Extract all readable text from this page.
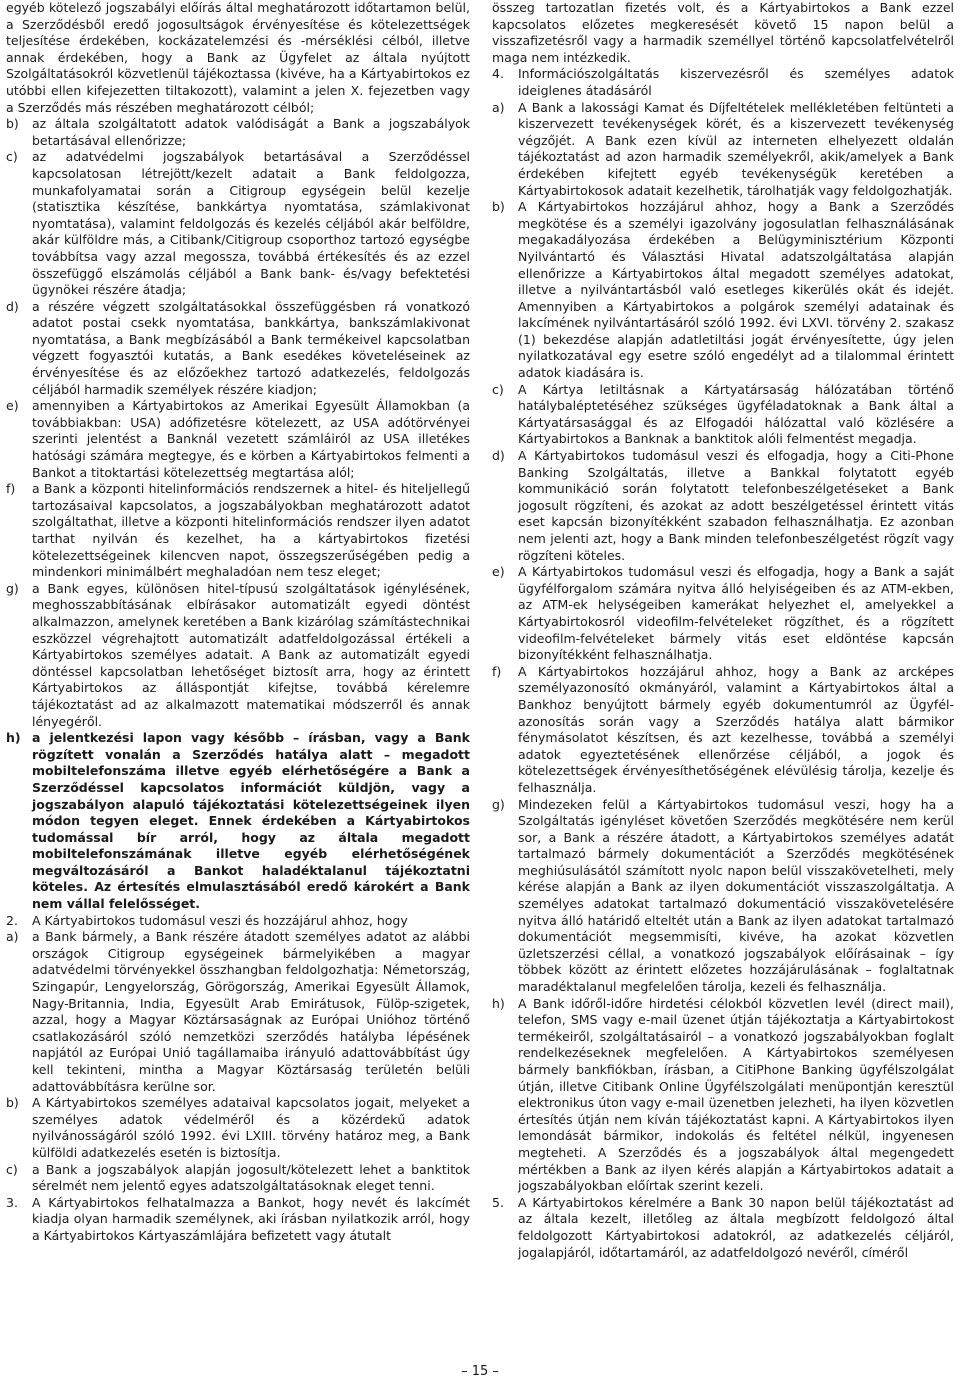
egyéb kötelező jogszabályi előírás által meghatározott időtartamon belül, a Szerződésből eredő jogosultságok érvényesítése és kötelezettségek teljesítése érdekében, kockázatelemzési és -mérséklési célból, illetve annak érdekében, hogy a Bank az Ügyfelet az általa nyújtott Szolgáltatásokról közvetlenül tájékoztassa (kivéve, ha a Kártyabirtokos ez utóbbi ellen kifejezetten tiltakozott), valamint a jelen X. fejezetben vagy a Szerződés más részében meghatározott célból;

b) az általa szolgáltatott adatok valódiságát a Bank a jogszabályok betartásával ellenőrizze;
c) az adatvédelmi jogszabályok betartásával a Szerződéssel kapcsolatosan létrejött/kezelt adatait a Bank feldolgozza, munkafolyamatai során a Citigroup egységein belül kezelje (statisztika készítése, bankkártya nyomtatása, számlakivonat nyomtatása), valamint feldolgozás és kezelés céljából akár belföldre, akár külföldre más, a Citibank/Citigroup csoporthoz tartozó egységbe továbbítsa vagy azzal megossza, továbbá értékesítés és az ezzel összefüggő elszámolás céljából a Bank bank- és/vagy befektetési ügynökei részére átadja;
d) a részére végzett szolgáltatásokkal összefüggésben rá vonatkozó adatot postai csekk nyomtatása, bankkártya, bankszámlakivonat nyomtatása, a Bank megbízásából a Bank termékeivel kapcsolatban végzett fogyasztói kutatás, a Bank esedékes követeléseinek az érvényesítése és az előzőekhez tartozó adatkezelés, feldolgozás céljából harmadik személyek részére kiadjon;
e) amennyiben a Kártyabirtokos az Amerikai Egyesült Államokban (a továbbiakban: USA) adófizetésre kötelezett, az USA adótörvényei szerinti jelentést a Banknál vezetett számláiról az USA illetékes hatósági számára megtegye, és e körben a Kártyabirtokos felmenti a Bankot a titoktartási kötelezettség megtartása alól;
f) a Bank a központi hitelinformációs rendszernek a hitel- és hiteljellegű tartozásaival kapcsolatos, a jogszabályokban meghatározott adatot szolgáltathat, illetve a központi hitelinformációs rendszer ilyen adatot tarthat nyilván és kezelhet, ha a kártyabirtokos fizetési kötelezettségeinek kilencven napot, összegszerűségében pedig a mindenkori minimálbért meghaladóan nem tesz eleget;
g) a Bank egyes, különösen hitel-típusú szolgáltatások igénylésének, meghosszabbításának elbírásakor automatizált egyedi döntést alkalmazzon, amelynek keretében a Bank kizárólag számítástechnikai eszközzel végrehajtott automatizált adatfeldolgozással értékeli a Kártyabirtokos személyes adatait. A Bank az automatizált egyedi döntéssel kapcsolatban lehetőséget biztosít arra, hogy az érintett Kártyabirtokos az álláspontját kifejtse, továbbá kérelemre tájékoztatást ad az alkalmazott matematikai módszerről és annak lényegéről.
h) a jelentkezési lapon vagy később – írásban, vagy a Bank rögzített vonalán a Szerződés hatálya alatt – megadott mobiltelefonszáma illetve egyéb elérhetőségére a Bank a Szerződéssel kapcsolatos információt küldjön, vagy a jogszabályon alapuló tájékoztatási kötelezettségeinek ilyen módon tegyen eleget. Ennek érdekében a Kártyabirtokos tudomással bír arról, hogy az általa megadott mobiltelefonszámának illetve egyéb elérhetőségének megváltozásáról a Bankot haladéktalanul tájékoztatni köteles. Az értesítés elmulasztásából eredő károkért a Bank nem vállal felelősséget.
2. A Kártyabirtokos tudomásul veszi és hozzájárul ahhoz, hogy
a) a Bank bármely, a Bank részére átadott személyes adatot az alábbi országok Citigroup egységeinek bármelyikében a magyar adatvédelmi törvényekkel összhangban feldolgozhatja: Németország, Szingapúr, Lengyelország, Görögország, Amerikai Egyesült Államok, Nagy-Britannia, India, Egyesült Arab Emirátusok, Fülöp-szigetek, azzal, hogy a Magyar Köztársaságnak az Európai Unióhoz történő csatlakozásáról szóló nemzetközi szerződés hatályba lépésének napjától az Európai Unió tagállamaiba irányuló adattovábbítást úgy kell tekinteni, mintha a Magyar Köztársaság területén belüli adattovábbításra kerülne sor.
b) A Kártyabirtokos személyes adataival kapcsolatos jogait, melyeket a személyes adatok védelméről és a közérdekű adatok nyilvánosságáról szóló 1992. évi LXIII. törvény határoz meg, a Bank külföldi adatkezelés esetén is biztosítja.
c) a Bank a jogszabályok alapján jogosult/kötelezett lehet a banktitok sérelmét nem jelentő egyes adatszolgáltatásoknak eleget tenni.
3. A Kártyabirtokos felhatalmazza a Bankot, hogy nevét és lakcímét kiadja olyan harmadik személynek, aki írásban nyilatkozik arról, hogy a Kártyabirtokos Kártyaszámlájára befizetett vagy átutalt

összeg tartozatlan fizetés volt, és a Kártyabirtokos a Bank ezzel kapcsolatos előzetes megkeresését követő 15 napon belül a visszafizetésről vagy a harmadik személlyel történő kapcsolatfelvételről maga nem intézkedik.

4. Információszolgáltatás kiszervezésről és személyes adatok ideiglenes átadásáról
a) A Bank a lakossági Kamat és Díjfeltételek mellékletében feltünteti a kiszervezett tevékenységek körét, és a kiszervezett tevékenység végzőjét. A Bank ezen kívül az interneten elhelyezett oldalán tájékoztatást ad azon harmadik személyekről, akik/amelyek a Bank érdekében kifejtett egyéb tevékenységük keretében a Kártyabirtokosok adatait kezelhetik, tárolhatják vagy feldolgozhatják.
b) A Kártyabirtokos hozzájárul ahhoz, hogy a Bank a Szerződés megkötése és a személyi igazolvány jogosulatlan felhasználásának megakadályozása érdekében a Belügyminisztérium Központi Nyilvántartó és Választási Hivatal adatszolgáltatása alapján ellenőrizze a Kártyabirtokos által megadott személyes adatokat, illetve a nyilvántartásból való esetleges kikerülés okát és idejét. Amennyiben a Kártyabirtokos a polgárok személyi adatainak és lakcímének nyilvántartásáról szóló 1992. évi LXVI. törvény 2. szakasz (1) bekezdése alapján adatletiltási jogát érvényesítette, úgy jelen nyilatkozatával egy esetre szóló engedélyt ad a tilalommal érintett adatok kiadására is.
c) A Kártya letiltásnak a Kártyatársaság hálózatában történő hatálybaléptetéséhez szükséges ügyféladatoknak a Bank által a Kártyatársasággal és az Elfogadói hálózattal való közlésére a Kártyabirtokos a Banknak a banktitok alóli felmentést megadja.
d) A Kártyabirtokos tudomásul veszi és elfogadja, hogy a Citi-Phone Banking Szolgáltatás, illetve a Bankkal folytatott egyéb kommunikáció során folytatott telefonbeszélgetéseket a Bank jogosult rögzíteni, és azokat az adott beszélgetéssel érintett vitás eset kapcsán bizonyítékként szabadon felhasználhatja. Ez azonban nem jelenti azt, hogy a Bank minden telefonbeszélgetést rögzít vagy rögzíteni köteles.
e) A Kártyabirtokos tudomásul veszi és elfogadja, hogy a Bank a saját ügyfélforgalom számára nyitva álló helyiségeiben és az ATM-ekben, az ATM-ek helységeiben kamerákat helyezhet el, amelyekkel a Kártyabirtokosról videofilm-felvételeket rögzíthet, és a rögzített videofilm-felvételeket bármely vitás eset eldöntése kapcsán bizonyítékként felhasználhatja.
f) A Kártyabirtokos hozzájárul ahhoz, hogy a Bank az arcképes személyazonosító okmányáról, valamint a Kártyabirtokos által a Bankhoz benyújtott bármely egyéb dokumentumról az Ügyfél- azonosítás során vagy a Szerződés hatálya alatt bármikor fénymásolatot készítsen, és azt kezelhesse, továbbá a személyi adatok egyeztetésének ellenőrzése céljából, a jogok és kötelezettségek érvényesíthetőségének elévülésig tárolja, kezelje és felhasználja.
g) Mindezeken felül a Kártyabirtokos tudomásul veszi, hogy ha a Szolgáltatás igényléset követően Szerződés megkötésére nem kerül sor, a Bank a részére átadott, a Kártyabirtokos személyes adatát tartalmazó bármely dokumentációt a Szerződés megkötésének meghiúsulásától számított nyolc napon belül visszakövetelheti, mely kérése alapján a Bank az ilyen dokumentációt visszaszolgáltatja. A személyes adatokat tartalmazó dokumentáció visszakövetelésére nyitva álló határidő elteltét után a Bank az ilyen adatokat tartalmazó dokumentációt megsemmisíti, kivéve, ha azokat közvetlen üzletszerzési céllal, a vonatkozó jogszabályok előírásainak – így többek között az érintett előzetes hozzájárulásának – foglaltatnak maradéktalanul megfelelően tárolja, kezeli és felhasználja.
h) A Bank időről-időre hirdetési célokból közvetlen levél (direct mail), telefon, SMS vagy e-mail üzenet útján tájékoztatja a Kártyabirtokost termékeiről, szolgáltatásairól – a vonatkozó jogszabályokban foglalt rendelkezéseknek megfelelően. A Kártyabirtokos személyesen bármely bankfiókban, írásban, a CitiPhone Banking ügyfélszolgálat útján, illetve Citibank Online Ügyfélszolgálati menüpontján keresztül elektronikus úton vagy e-mail üzenetben jelezheti, ha ilyen közvetlen értesítés útján nem kíván tájékoztatást kapni. A Kártyabirtokos ilyen lemondását bármikor, indokolás és feltétel nélkül, ingyenesen megteheti. A Szerződés és a jogszabályok által megengedett mértékben a Bank az ilyen kérés alapján a Kártyabirtokos adatait a jogszabályokban előírtak szerint kezeli.
5. A Kártyabirtokos kérelmére a Bank 30 napon belül tájékoztatást ad az általa kezelt, illetőleg az általa megbízott feldolgozó által feldolgozott Kártyabirtokosi adatokról, az adatkezelés céljáról, jogalapjáról, időtartamáról, az adatfeldolgozó nevéről, címéről
– 15 –
